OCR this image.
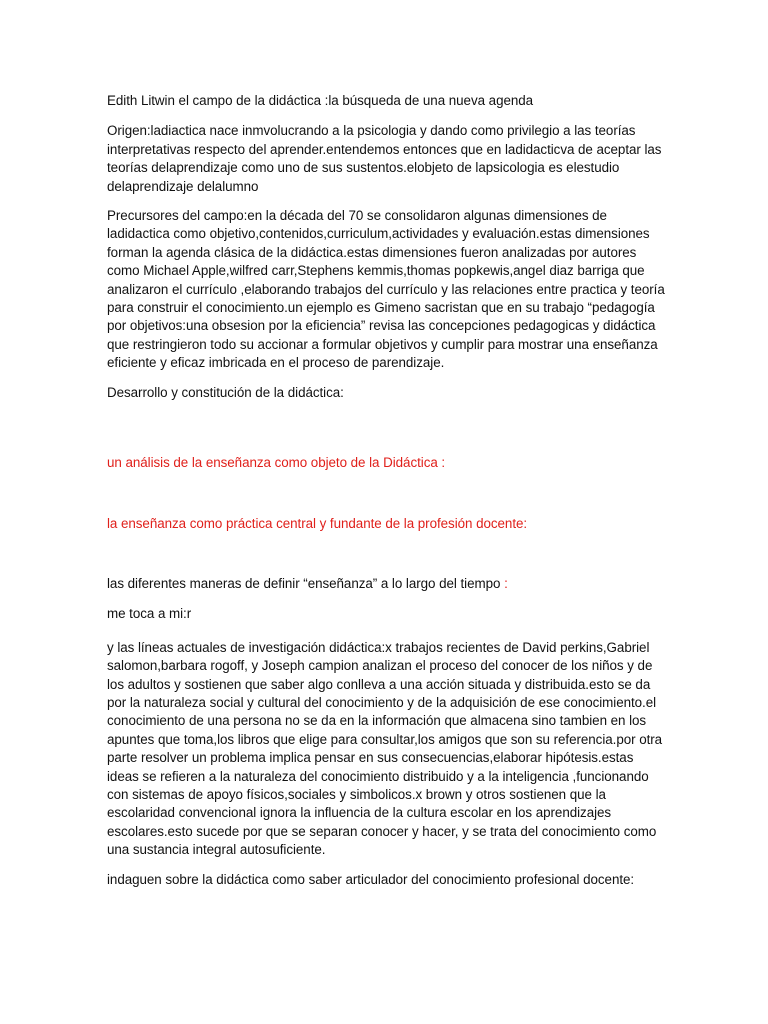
Edith Litwin el campo de la didáctica :la búsqueda de una nueva agenda

Origen:ladiactica nace inmvolucrando a la psicologia y dando como privilegio a las teorías interpretativas respecto del aprender.entendemos entonces que en ladidacticva de aceptar las teorías delaprendizaje como uno de sus sustentos.elobjeto de lapsicologia es elestudio delaprendizaje delalumno

Precursores del campo:en la década del 70 se consolidaron algunas dimensiones de ladidactica como objetivo,contenidos,curriculum,actividades y evaluación.estas dimensiones forman la agenda clásica de la didáctica.estas dimensiones fueron analizadas por autores como Michael Apple,wilfred carr,Stephens kemmis,thomas popkewis,angel diaz barriga que analizaron el currículo ,elaborando trabajos del currículo y las relaciones entre practica y teoría para construir el conocimiento.un ejemplo es Gimeno sacristan que en su trabajo “pedagogía por objetivos:una obsesion por la eficiencia” revisa las concepciones pedagogicas y didáctica que restringieron todo su accionar a formular objetivos y cumplir para mostrar una enseñanza eficiente y eficaz imbricada en el proceso de parendizaje.

Desarrollo y constitución de la didáctica:

un análisis de la enseñanza como objeto de la Didáctica :

la enseñanza como práctica central y fundante de la profesión docente:

las diferentes maneras de definir “enseñanza” a lo largo del tiempo :

me toca a mi:r

y las líneas actuales de investigación didáctica:x trabajos recientes de David perkins,Gabriel salomon,barbara rogoff, y Joseph campion analizan el proceso del conocer de los niños y de los adultos y sostienen que saber algo conlleva a una acción situada y distribuida.esto se da por la naturaleza social y cultural del conocimiento y de la adquisición de ese conocimiento.el conocimiento de una persona no se da en la información que almacena sino tambien en los apuntes que toma,los libros que elige para consultar,los amigos que son su referencia.por otra parte resolver un problema implica pensar en sus consecuencias,elaborar hipótesis.estas ideas se refieren a la naturaleza del conocimiento distribuido y a la inteligencia ,funcionando con sistemas de apoyo físicos,sociales y simbolicos.x brown y otros sostienen que la escolaridad convencional ignora la influencia de la cultura escolar en los aprendizajes escolares.esto sucede por que se separan conocer y hacer, y se trata del conocimiento como una sustancia integral autosuficiente.

indaguen sobre la didáctica como saber articulador del conocimiento profesional docente:
